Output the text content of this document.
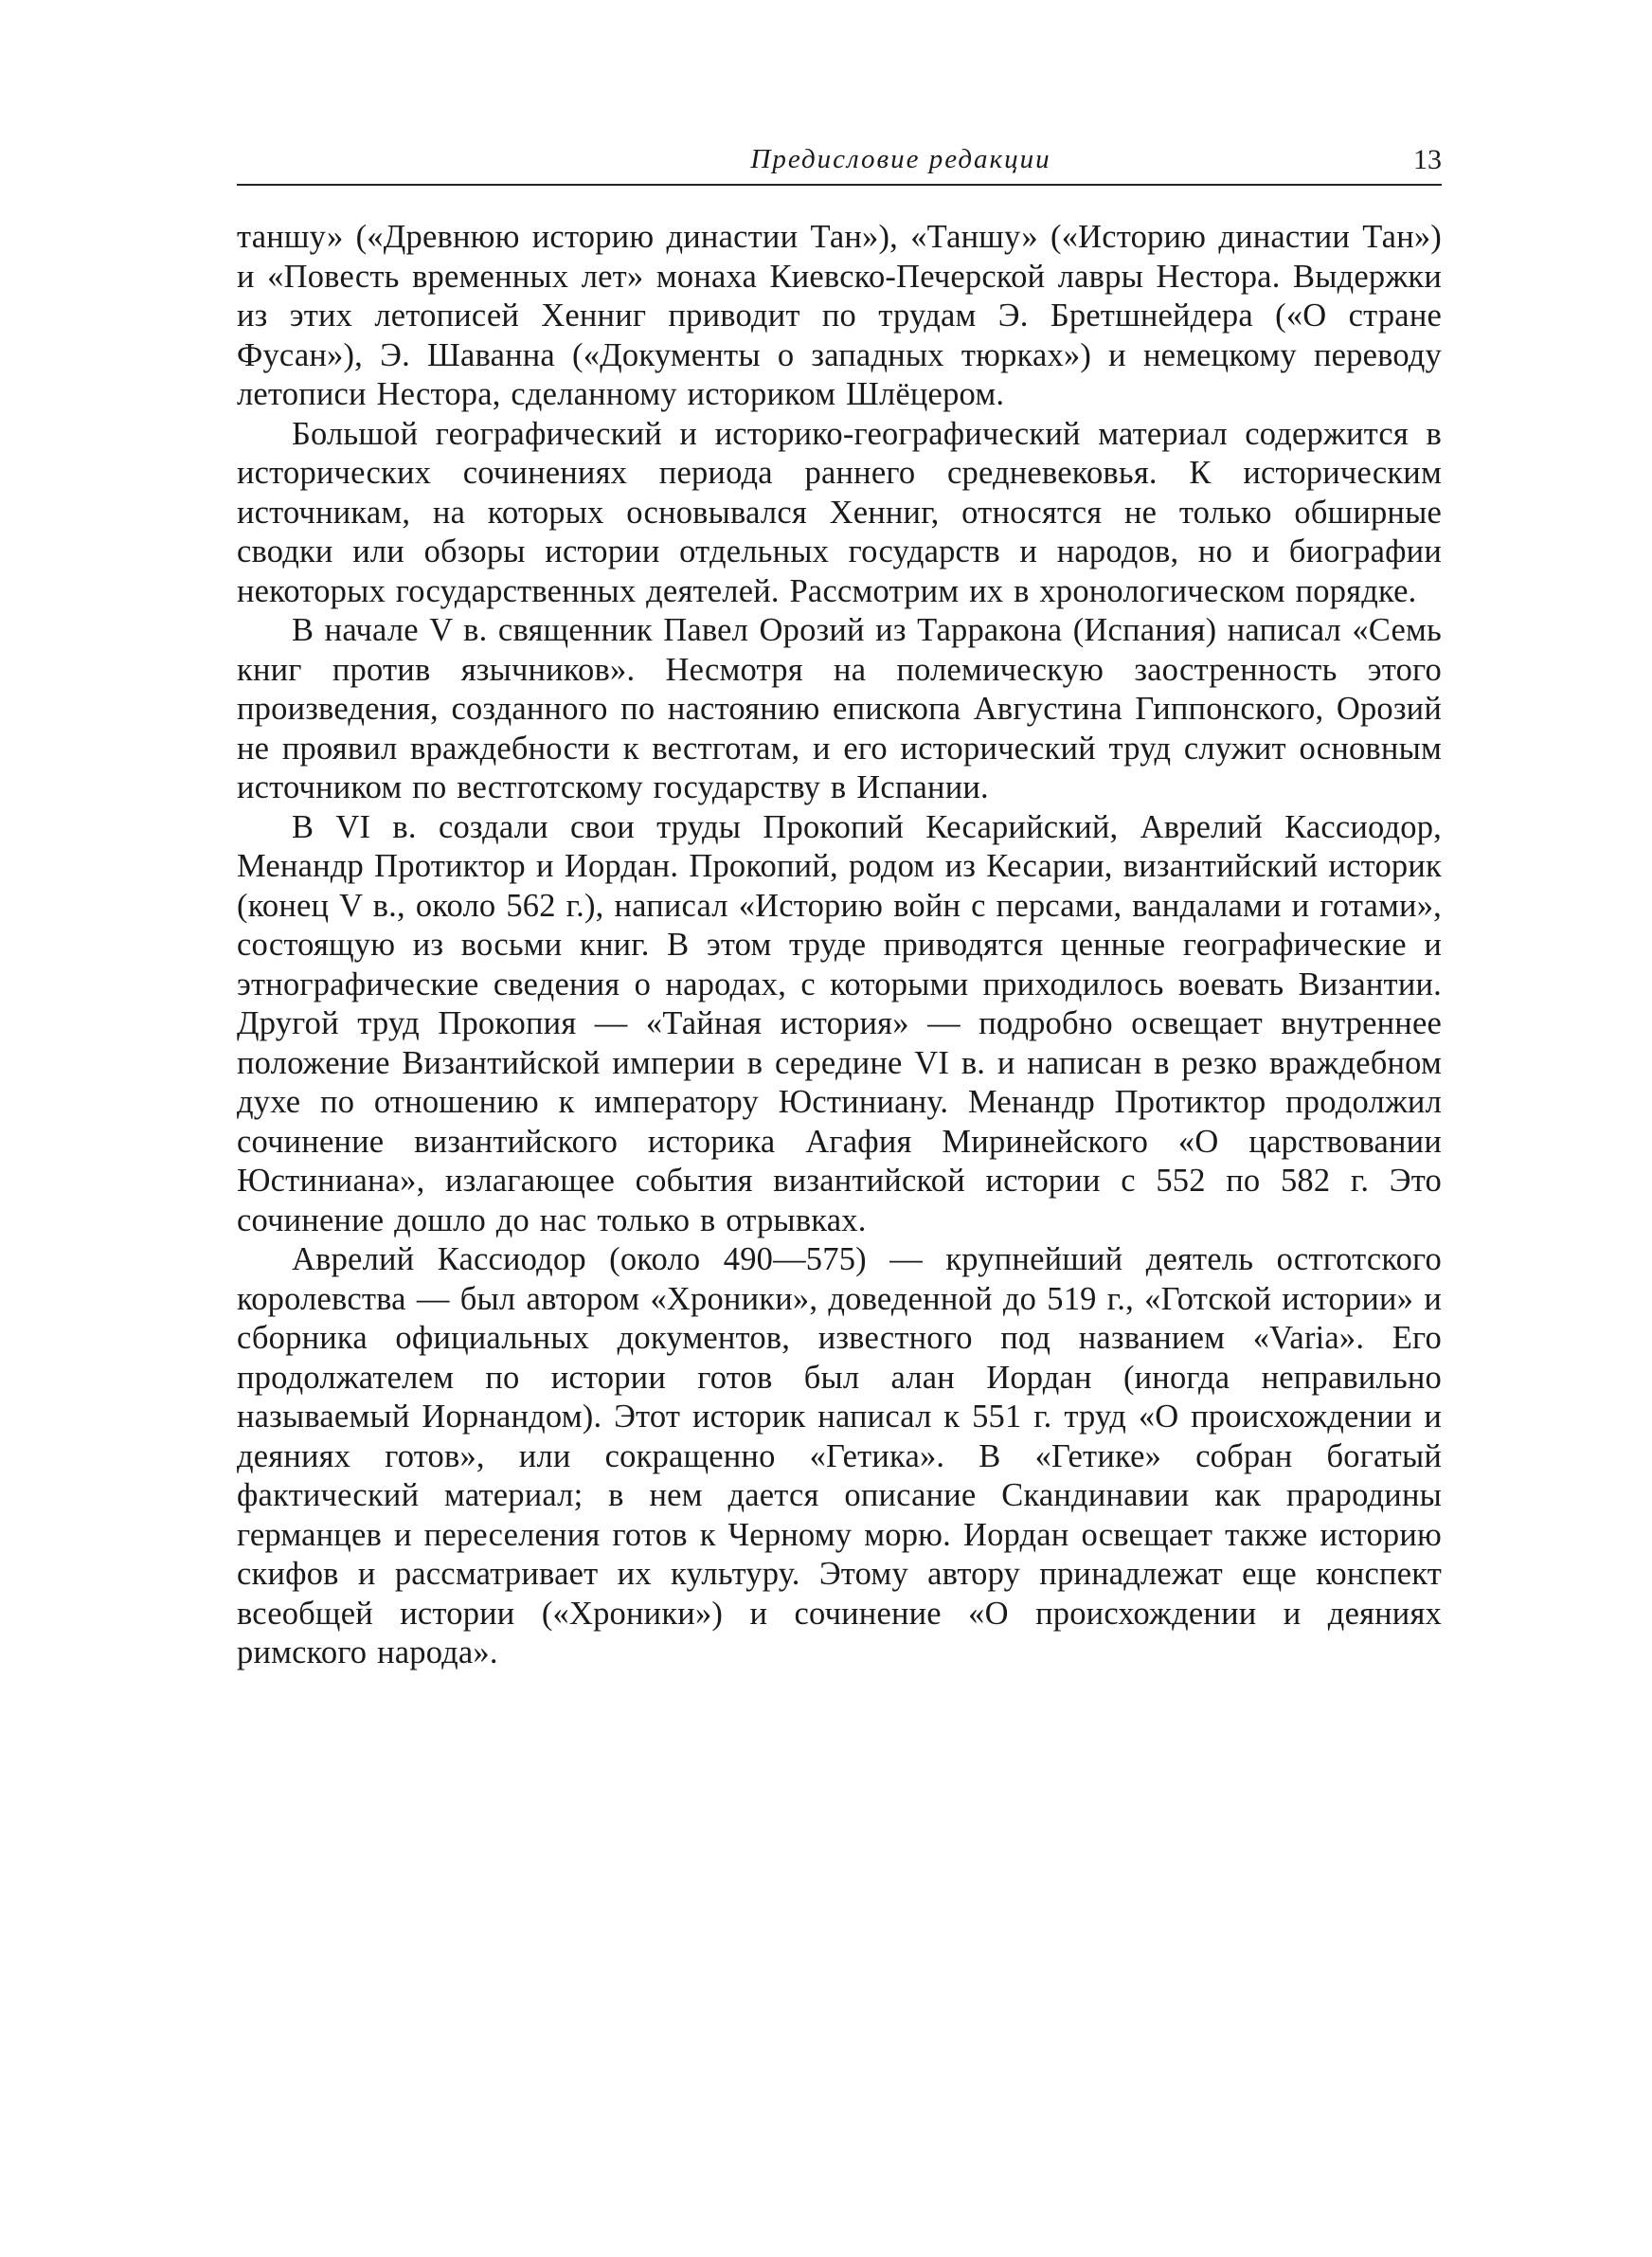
Предисловие редакции	13

таншу» («Древнюю историю династии Тан»), «Таншу» («Историю династии Тан») и «Повесть временных лет» монаха Киевско-Печерской лавры Нестора. Выдержки из этих летописей Хенниг приводит по трудам Э. Бретшнейдера («О стране Фусан»), Э. Шаванна («Документы о западных тюрках») и немецкому переводу летописи Нестора, сделанному историком Шлёцером.

Большой географический и историко-географический материал содержится в исторических сочинениях периода раннего средневековья. К историческим источникам, на которых основывался Хенниг, относятся не только обширные сводки или обзоры истории отдельных государств и народов, но и биографии некоторых государственных деятелей. Рассмотрим их в хронологическом порядке.

В начале V в. священник Павел Орозий из Тарракона (Испания) написал «Семь книг против язычников». Несмотря на полемическую заостренность этого произведения, созданного по настоянию епископа Августина Гиппонского, Орозий не проявил враждебности к вестготам, и его исторический труд служит основным источником по вестготскому государству в Испании.

В VI в. создали свои труды Прокопий Кесарийский, Аврелий Кассиодор, Менандр Протиктор и Иордан. Прокопий, родом из Кесарии, византийский историк (конец V в., около 562 г.), написал «Историю войн с персами, вандалами и готами», состоящую из восьми книг. В этом труде приводятся ценные географические и этнографические сведения о народах, с которыми приходилось воевать Византии. Другой труд Прокопия — «Тайная история» — подробно освещает внутреннее положение Византийской империи в середине VI в. и написан в резко враждебном духе по отношению к императору Юстиниану. Менандр Протиктор продолжил сочинение византийского историка Агафия Миринейского «О царствовании Юстиниана», излагающее события византийской истории с 552 по 582 г. Это сочинение дошло до нас только в отрывках.

Аврелий Кассиодор (около 490—575) — крупнейший деятель остготского королевства — был автором «Хроники», доведенной до 519 г., «Готской истории» и сборника официальных документов, известного под названием «Varia». Его продолжателем по истории готов был алан Иордан (иногда неправильно называемый Иорнандом). Этот историк написал к 551 г. труд «О происхождении и деяниях готов», или сокращенно «Гетика». В «Гетике» собран богатый фактический материал; в нем дается описание Скандинавии как прародины германцев и переселения готов к Черному морю. Иордан освещает также историю скифов и рассматривает их культуру. Этому автору принадлежат еще конспект всеобщей истории («Хроники») и сочинение «О происхождении и деяниях римского народа».
